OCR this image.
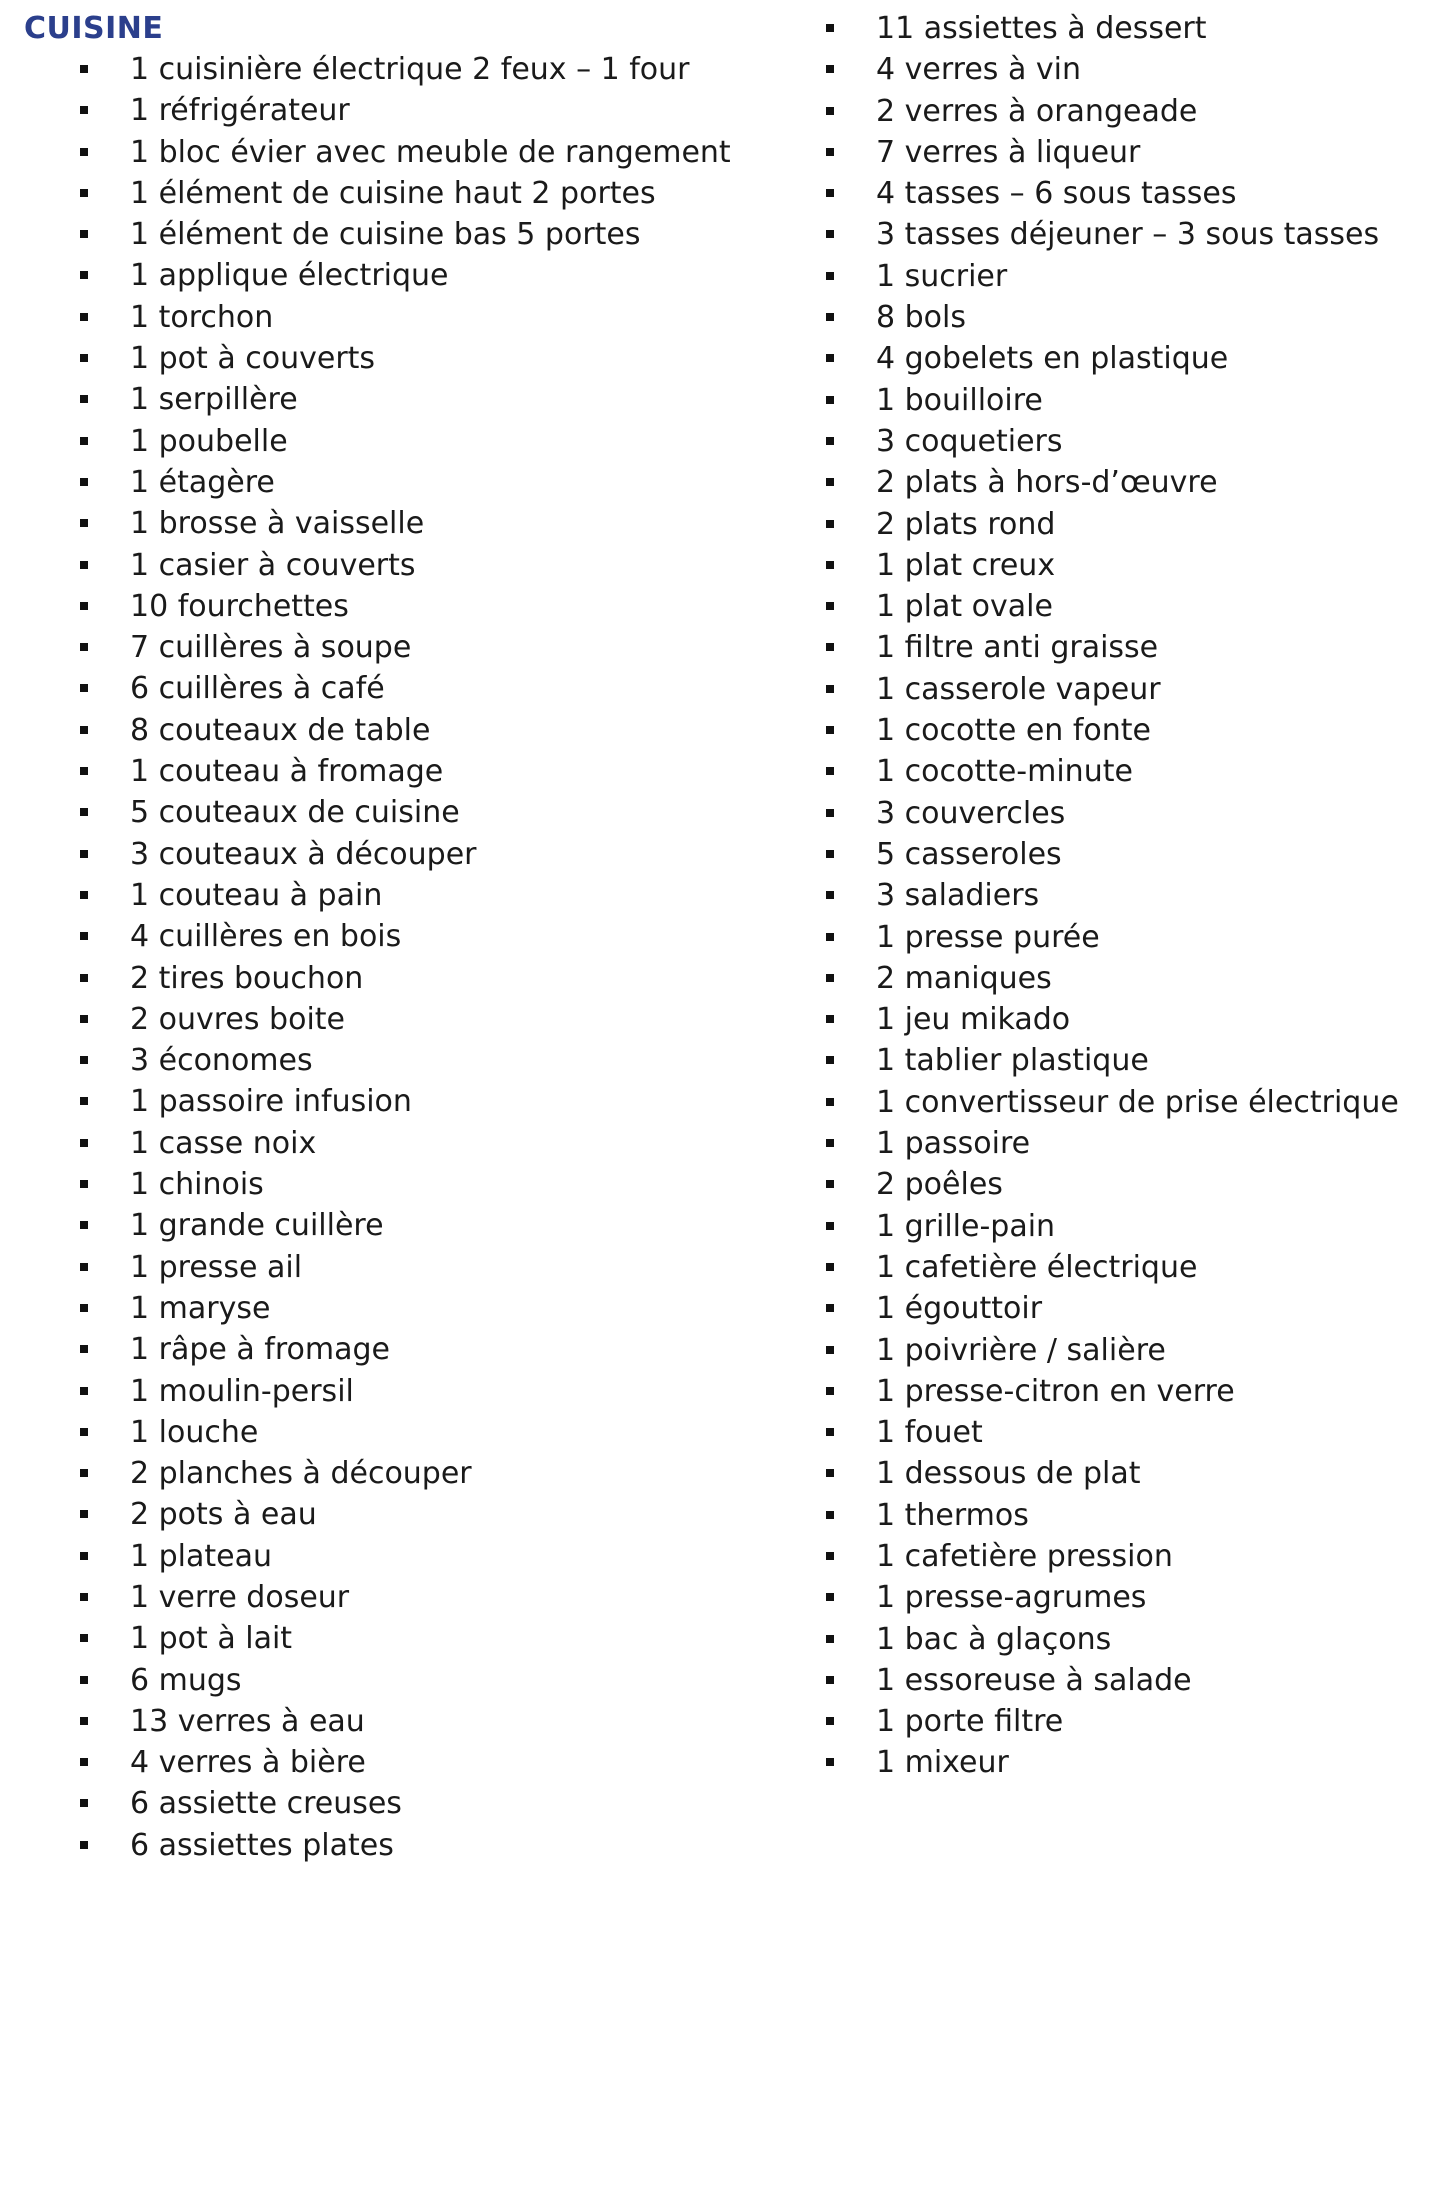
CUISINE
1 cuisinière électrique 2 feux – 1 four
1 réfrigérateur
1 bloc évier avec meuble de rangement
1 élément de cuisine haut 2 portes
1 élément de cuisine bas 5 portes
1 applique électrique
1 torchon
1 pot à couverts
1 serpillère
1 poubelle
1 étagère
1 brosse à vaisselle
1 casier à couverts
10 fourchettes
7 cuillères à soupe
6 cuillères à café
8 couteaux de table
1 couteau à fromage
5 couteaux de cuisine
3 couteaux à découper
1 couteau à pain
4 cuillères en bois
2 tires bouchon
2 ouvres boite
3 économes
1 passoire infusion
1 casse noix
1 chinois
1 grande cuillère
1 presse ail
1 maryse
1 râpe à fromage
1 moulin-persil
1 louche
2 planches à découper
2 pots à eau
1 plateau
1 verre doseur
1 pot à lait
6 mugs
13 verres à eau
4 verres à bière
6 assiette creuses
6 assiettes plates
11 assiettes à dessert
4 verres à vin
2 verres à orangeade
7 verres à liqueur
4 tasses – 6 sous tasses
3 tasses déjeuner – 3 sous tasses
1 sucrier
8 bols
4 gobelets en plastique
1 bouilloire
3 coquetiers
2 plats à hors-d’œuvre
2 plats rond
1 plat creux
1 plat ovale
1 filtre anti graisse
1 casserole vapeur
1 cocotte en fonte
1 cocotte-minute
3 couvercles
5 casseroles
3 saladiers
1 presse purée
2 maniques
1 jeu mikado
1 tablier plastique
1 convertisseur de prise électrique
1 passoire
2 poêles
1 grille-pain
1 cafetière électrique
1 égouttoir
1 poivrière / salière
1 presse-citron en verre
1 fouet
1 dessous de plat
1 thermos
1 cafetière pression
1 presse-agrumes
1 bac à glaçons
1 essoreuse à salade
1 porte filtre
1 mixeur
